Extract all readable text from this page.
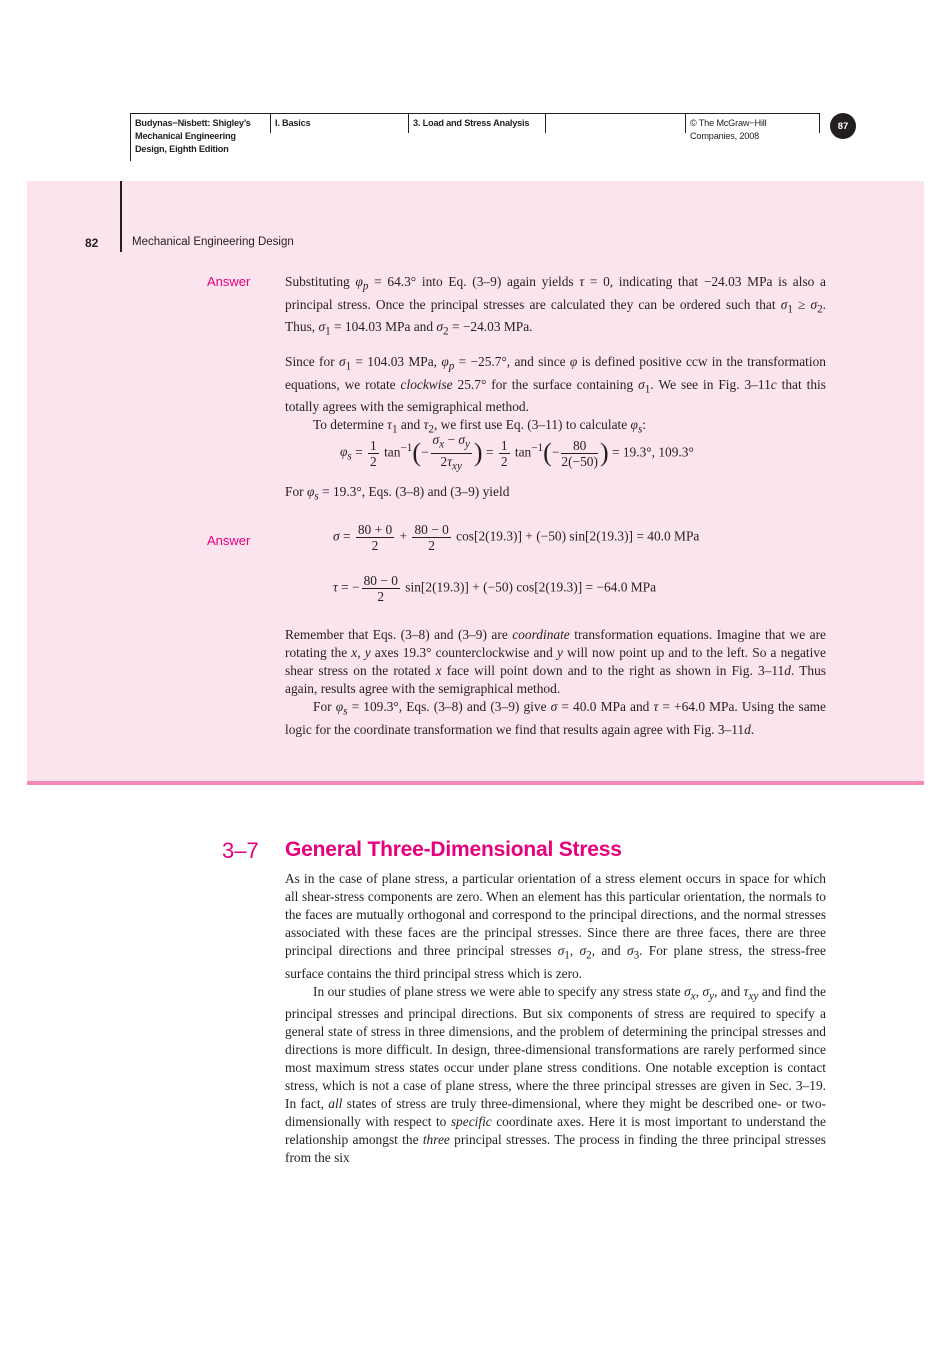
Budynas−Nisbett: Shigley’s
Mechanical Engineering
Design, Eighth Edition
I. Basics	3. Load and Stress Analysis	© The McGraw−Hill
Companies, 2008
87
82	Mechanical Engineering Design
Answer
Answer

Substituting $\varphi_p = 64.3^\circ$ into Eq. (3–9) again yields τ = 0, indicating that −24.03 MPa is also a principal stress. Once the principal stresses are calculated they can be ordered such that $\sigma_1 \ge \sigma_2$. Thus, $\sigma_1 = 104.03$ MPa and $\sigma_2 = -24.03$ MPa.

Since for $\sigma_1 = 104.03$ MPa, $\varphi_p = -25.7^\circ$, and since φ is defined positive ccw in the transformation equations, we rotate clockwise 25.7° for the surface containing $\sigma_1$. We see in Fig. 3–11c that this totally agrees with the semigraphical method.

To determine $\tau_1$ and $\tau_2$, we first use Eq. (3–11) to calculate $\varphi_s$:

$\varphi_s = \frac{1}{2} \tan^{-1}(- \frac{\sigma_x - \sigma_y}{2\tau_{xy}}$ ) = $\frac{1}{2} \tan^{-1}(- \frac{80}{2(-50)}$ ) = 19.3°, 109.3°

For $\varphi_s = 19.3^\circ$, Eqs. (3–8) and (3–9) yield

$\sigma = \frac{80 + 0}{2} + \frac{80 - 0}{2} \cos[2(19.3)] + (-50) \sin[2(19.3)] = 40.0$ MPa
τ = − $\frac{80 - 0}{2} \sin[2(19.3)] + (-50) \cos[2(19.3)] = -64.0$ MPa

Remember that Eqs. (3–8) and (3–9) are coordinate transformation equations. Imagine that we are rotating the x, y axes 19.3° counterclockwise and y will now point up and to the left. So a negative shear stress on the rotated x face will point down and to the right as shown in Fig. 3–11d. Thus again, results agree with the semigraphical method.

For $\varphi_s = 109.3^\circ$, Eqs. (3–8) and (3–9) give σ = 40.0 MPa and τ = +64.0 MPa. Using the same logic for the coordinate transformation we find that results again agree with Fig. 3–11d.

3–7 General Three-Dimensional Stress

As in the case of plane stress, a particular orientation of a stress element occurs in space for which all shear-stress components are zero. When an element has this particular orientation, the normals to the faces are mutually orthogonal and correspond to the principal directions, and the normal stresses associated with these faces are the principal stresses. Since there are three faces, there are three principal directions and three principal stresses $\sigma_1$, $\sigma_2$, and $\sigma_3$. For plane stress, the stress-free surface contains the third principal stress which is zero.

In our studies of plane stress we were able to specify any stress state $\sigma_x$, $\sigma_y$, and $\tau_{xy}$ and find the principal stresses and principal directions. But six components of stress are required to specify a general state of stress in three dimensions, and the problem of determining the principal stresses and directions is more difficult. In design, three-dimensional transformations are rarely performed since most maximum stress states occur under plane stress conditions. One notable exception is contact stress, which is not a case of plane stress, where the three principal stresses are given in Sec. 3–19. In fact, all states of stress are truly three-dimensional, where they might be described one- or two-dimensionally with respect to specific coordinate axes. Here it is most important to understand the relationship amongst the three principal stresses. The process in finding the three principal stresses from the six
